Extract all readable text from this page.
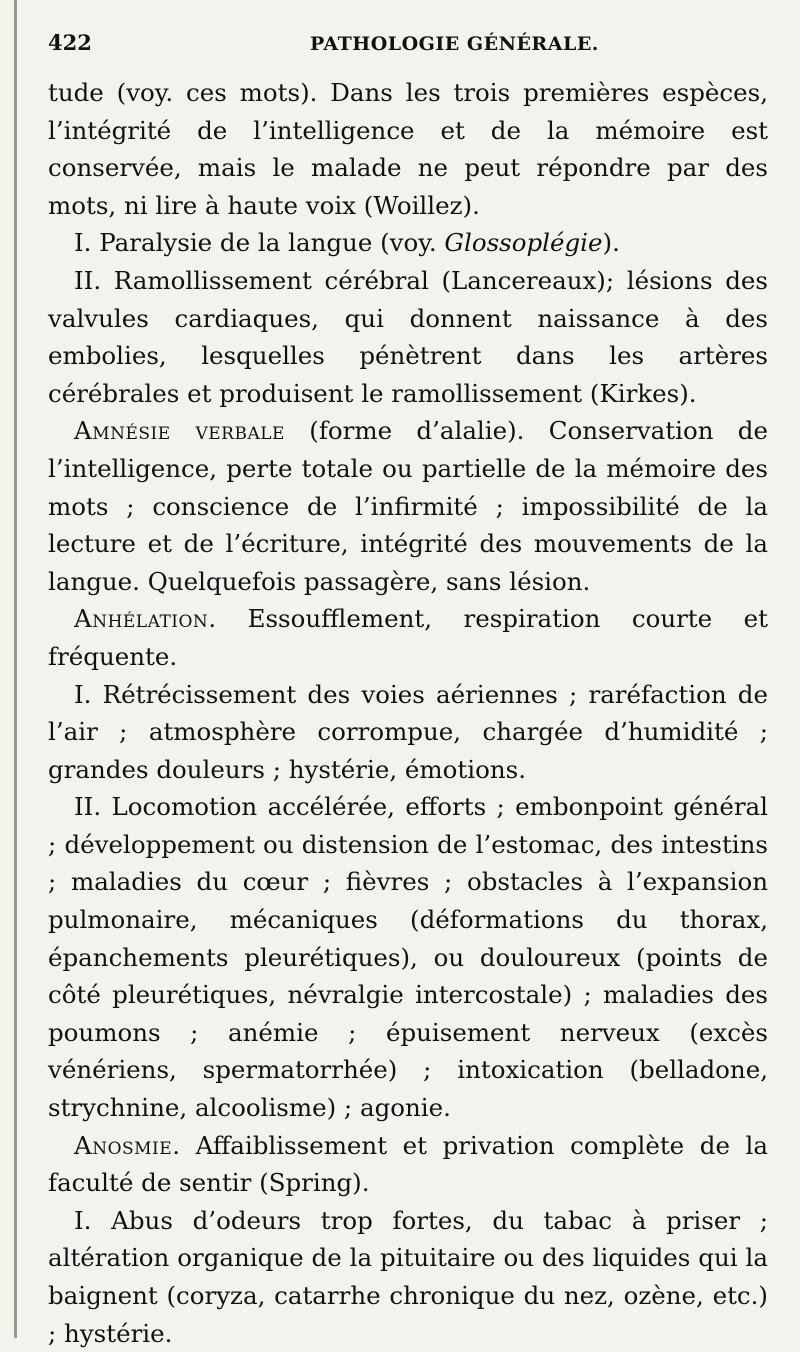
422	PATHOLOGIE GÉNÉRALE.

tude (voy. ces mots). Dans les trois premières espèces, l’intégrité de l’intelligence et de la mémoire est conservée, mais le malade ne peut répondre par des mots, ni lire à haute voix (Woillez).

I. Paralysie de la langue (voy. Glossoplégie).

II. Ramollissement cérébral (Lancereaux); lésions des valvules cardiaques, qui donnent naissance à des embolies, lesquelles pénètrent dans les artères cérébrales et produisent le ramollissement (Kirkes).

Amnésie verbale (forme d’alalie). Conservation de l’intelligence, perte totale ou partielle de la mémoire des mots ; conscience de l’infirmité ; impossibilité de la lecture et de l’écriture, intégrité des mouvements de la langue. Quelquefois passagère, sans lésion.

Anhélation. Essoufflement, respiration courte et fréquente.

I. Rétrécissement des voies aériennes ; raréfaction de l’air ; atmosphère corrompue, chargée d’humidité ; grandes douleurs ; hystérie, émotions.

II. Locomotion accélérée, efforts ; embonpoint général ; développement ou distension de l’estomac, des intestins ; maladies du cœur ; fièvres ; obstacles à l’expansion pulmonaire, mécaniques (déformations du thorax, épanchements pleurétiques), ou douloureux (points de côté pleurétiques, névralgie intercostale) ; maladies des poumons ; anémie ; épuisement nerveux (excès vénériens, spermatorrhée) ; intoxication (belladone, strychnine, alcoolisme) ; agonie.

Anosmie. Affaiblissement et privation complète de la faculté de sentir (Spring).

I. Abus d’odeurs trop fortes, du tabac à priser ; altération organique de la pituitaire ou des liquides qui la baignent (coryza, catarrhe chronique du nez, ozène, etc.) ; hystérie.
